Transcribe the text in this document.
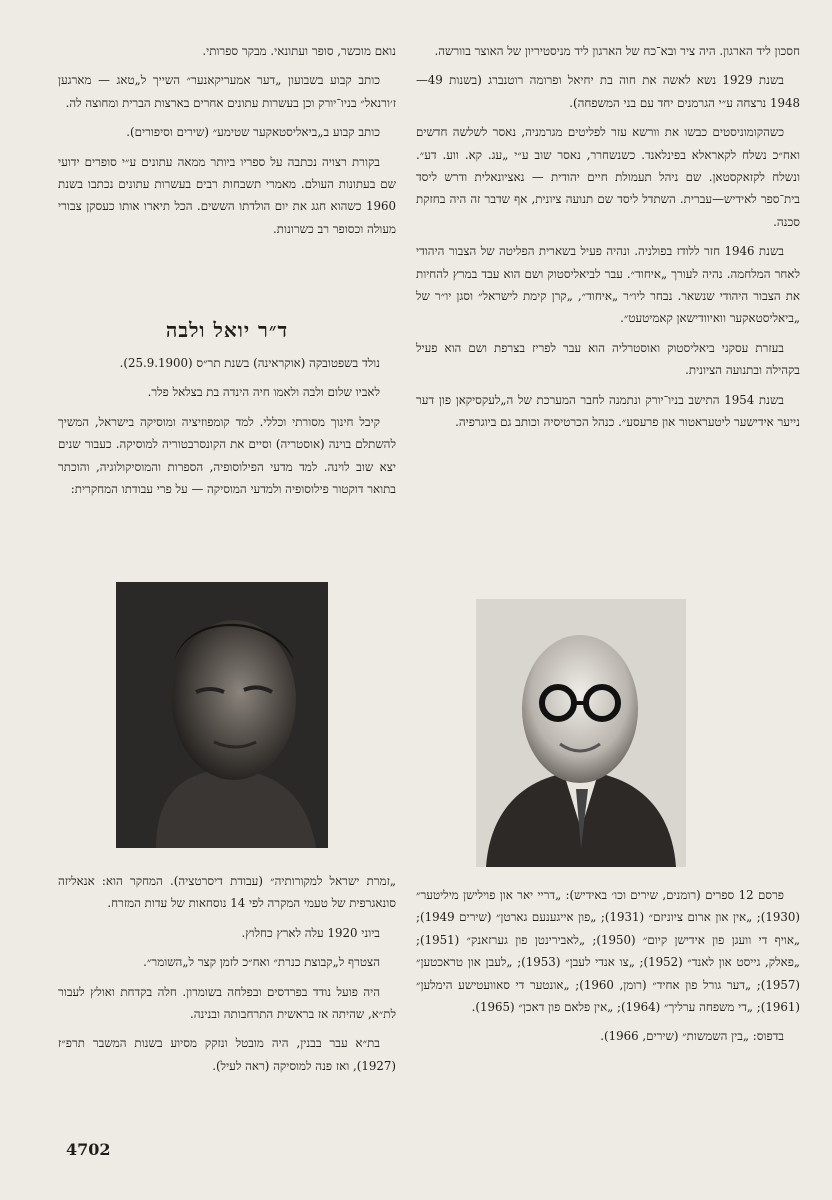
נואם מוכשר, סופר ועתונאי. מבקר ספרותי.

כותב קבוע בשבועון „דער אמעריקאנער״ השייך ל„טאג — מארגען ז׳ורנאל״ בניו־יורק וכן בעשרות עתונים אחרים בארצות הברית ומחוצה לה.

כותב קבוע ב„ביאליסטאקער שטימע״ (שירים וסיפורים).

בקורת רצויה נכתבה על ספריו ביותר ממאה עתונים ע״י סופרים ידועי שם בעתונות העולם. מאמרי תשבחות רבים בעשרות עתונים נכתבו בשנת 1960 כשהוא חגג את יום הולדתו הששים. הכל תיארו אותו כעסקן צבורי מעולה וכסופר רב כשרונות.

ד״ר יואל ולבה

נולד בשפטובקה (אוקראינה) בשנת תר״ס (25.9.1900).

לאביו שלום ולבה ולאמו חיה הינדה בת בצלאל פלר.

קיבל חינוך מסורתי וכללי. למד קומפוזיציה ומוסיקה בישראל, המשיך להשתלם בוינה (אוסטריה) וסיים את הקונסרבטוריה למוסיקה. כעבור שנים יצא שוב לוינה. למד מדעי הפילוסופיה, הספרות והמוסיקולוגיה, והוכתר בתואר דוקטור פילוסופיה ולמדעי המוסיקה — על פרי עבודתו המחקרית:

חסכון ליד הארגון. היה ציר ובא־כח של הארגון ליד מניסטיריון של האוצר בוורשה.

בשנת 1929 נשא לאשה את חוה בת יחיאל ופרומה רוטנברג (בשנות 49—1948 נרצחה ע״י הגרמנים יחד עם בני המשפחה).

כשהקומוניסטים כבשו את וורשא עזר לפליטים מגרמניה, נאסר לשלשה חדשים ואח״כ נשלח לקאראלא בפינלאנד. כשנשחרר, נאסר שוב ע״י „עג. קא. ווע. דע״. ונשלח לקזאקסטאן. שם ניהל תעמולת חיים יהודית — נאציונאלית ודרש ליסד בית־ספר לאידיש—עברית. השתדל ליסד שם תנועה ציונית, אף שדבר זה היה בחזקת סכנה.

בשנת 1946 חזר ללודז בפולניה. ונהיה פעיל בשארית הפליטה של הצבור היהודי לאחר המלחמה. נהיה לעורך „איחוד״. עבר לביאליסטוק ושם הוא עבד במרץ להחיות את הצבור היהודי שנשאר. נבחר ליו״ר „איחוד״, „קרן קימת לישראל״ וסגן יו״ר של „ביאליסטאקער וואיוודישאן קאמיטעט״.

בעזרת עסקני ביאליסטוק ואוסטרליה הוא עבר לפריז בצרפת ושם הוא פעיל בקהילה ובתנועה הציונית.

בשנת 1954 התישב בניו־יורק ונתמנה לחבר המערכת של ה„לעקסיקאן פון דער נייער אידישער ליטעראטור און פרעסע״. כנהל הכרטיסיה וכותב גם ביוגרפיה.

פרסם 12 ספרים (רומנים, שירים וכו׳ באידיש): „דריי יאר און פוילישן מיליטער״ (1930); „אין און ארום ציוניזם״ (1931); „פון אייגענעם גארטן״ (שירים 1949); „אויף די וועגן פון אידישן קיום״ (1950); „לאבירינטן פון גערזאנק״ (1951); „פאלק, גייסט און לאנד״ (1952); „צו אנדי לעבן״ (1953); „לעבן און טראכטען״ (1957); „דער גורל פון אחיד״ (רומן, 1960); „אונטער די סאוועטישע הימלען״ (1961); „די משפחה ערליך״ (1964); „אין פלאם פון דאכן״ (1965).

בדפוס: „בין השמשות״ (שירים, 1966).

„זמרת ישראל למקורותיה״ (עבודת דיסרטציה). המחקר הוא: אנאליזה סונאגרפית של טעמי המקרה לפי 14 נוסחאות של עדות המזרח.

ביוני 1920 עלה לארץ כחלוץ.

הצטרף ל„קבוצת כנרת״ ואח״כ לזמן קצר ל„השומר״.

היה פועל נודד בפרדסים ובפלחה בשומרון. חלה בקדחת ואולץ לעבור לת״א, שהיתה אז בראשית התרחבותה ובנינה.

בת״א עבר בבנין, היה מובטל ונזקק מסיוע בשנות המשבר תרפ״ז (1927), ואז פנה למוסיקה (ראה לעיל).

4702
